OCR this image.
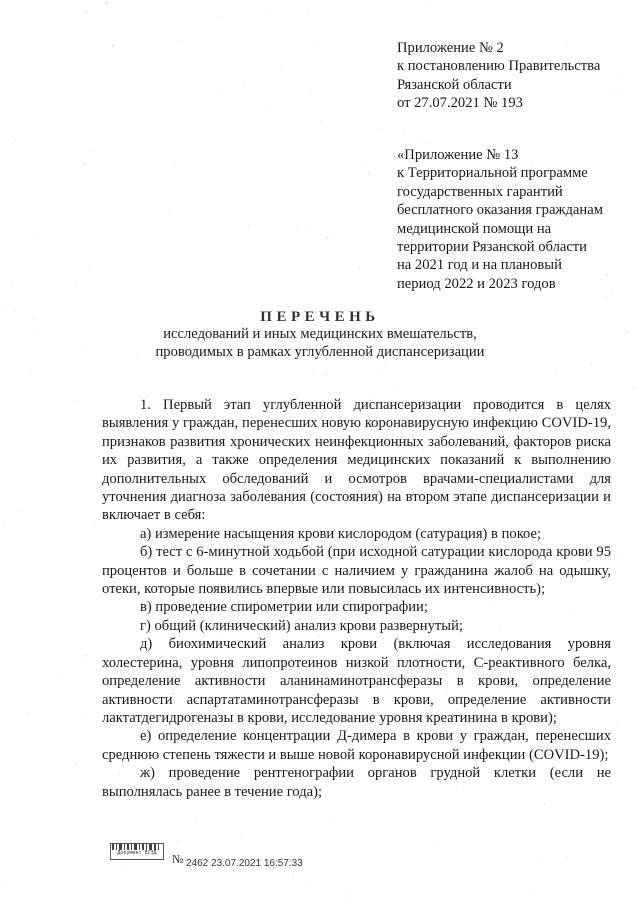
Приложение № 2
к постановлению Правительства
Рязанской области
от 27.07.2021 № 193
«Приложение № 13
к Территориальной программе
государственных гарантий
бесплатного оказания гражданам
медицинской помощи на
территории Рязанской области
на 2021 год и на плановый
период 2022 и 2023 годов
ПЕРЕЧЕНЬ
исследований и иных медицинских вмешательств,
проводимых в рамках углубленной диспансеризации

1. Первый этап углубленной диспансеризации проводится в целях выявления у граждан, перенесших новую коронавирусную инфекцию COVID-19, признаков развития хронических неинфекционных заболеваний, факторов риска их развития, а также определения медицинских показаний к выполнению дополнительных обследований и осмотров врачами-специалистами для уточнения диагноза заболевания (состояния) на втором этапе диспансеризации и включает в себя:

а) измерение насыщения крови кислородом (сатурация) в покое;

б) тест с 6-минутной ходьбой (при исходной сатурации кислорода крови 95 процентов и больше в сочетании с наличием у гражданина жалоб на одышку, отеки, которые появились впервые или повысилась их интенсивность);

в) проведение спирометрии или спирографии;

г) общий (клинический) анализ крови развернутый;

д) биохимический анализ крови (включая исследования уровня холестерина, уровня липопротеинов низкой плотности, С-реактивного белка, определение активности аланинаминотрансферазы в крови, определение активности аспартатаминотрансферазы в крови, определение активности лактатдегидрогеназы в крови, исследование уровня креатинина в крови);

е) определение концентрации Д-димера в крови у граждан, перенесших среднюю степень тяжести и выше новой коронавирусной инфекции (COVID-19);

ж) проведение рентгенографии органов грудной клетки (если не выполнялась ранее в течение года);

Документ ЕСЭД	№ 2462 23.07.2021 16:57:33
